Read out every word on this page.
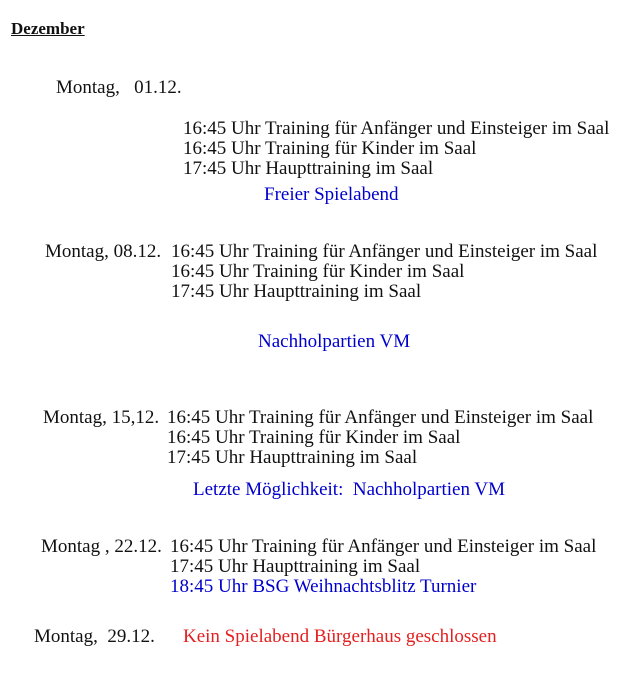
Dezember
Montag,   01.12.
16:45 Uhr Training für Anfänger und Einsteiger im Saal
16:45 Uhr Training für Kinder im Saal
17:45 Uhr Haupttraining im Saal
Freier Spielabend
Montag, 08.12. 16:45 Uhr Training für Anfänger und Einsteiger im Saal
16:45 Uhr Training für Kinder im Saal
17:45 Uhr Haupttraining im Saal
Nachholpartien VM
Montag, 15,12. 16:45 Uhr Training für Anfänger und Einsteiger im Saal
16:45 Uhr Training für Kinder im Saal
17:45 Uhr Haupttraining im Saal
Letzte Möglichkeit:  Nachholpartien VM
Montag , 22.12. 16:45 Uhr Training für Anfänger und Einsteiger im Saal
17:45 Uhr Haupttraining im Saal
18:45 Uhr BSG Weihnachtsblitz Turnier
Montag,  29.12. Kein Spielabend Bürgerhaus geschlossen
